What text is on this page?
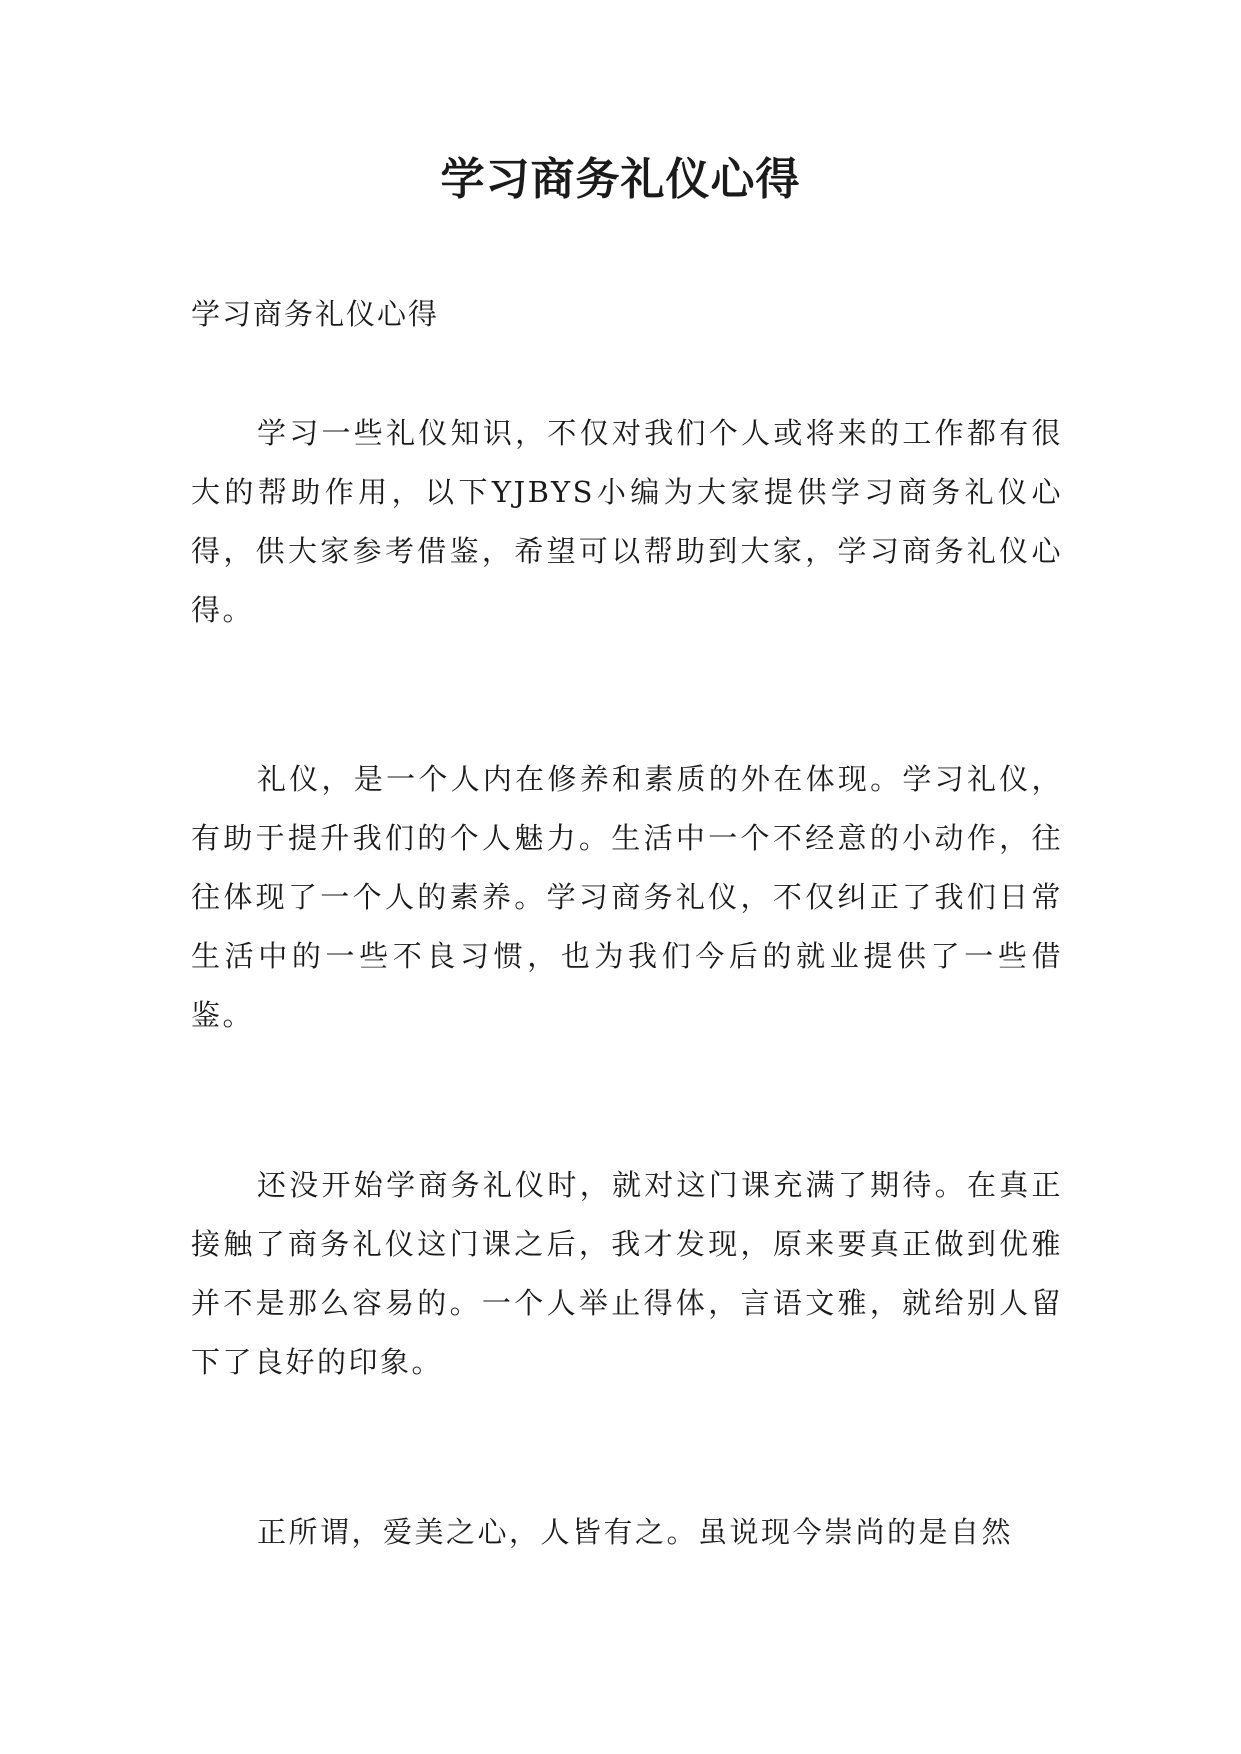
学习商务礼仪心得

学习商务礼仪心得

学习一些礼仪知识，不仅对我们个人或将来的工作都有很大的帮助作用，以下YJBYS小编为大家提供学习商务礼仪心得，供大家参考借鉴，希望可以帮助到大家，学习商务礼仪心得。

礼仪，是一个人内在修养和素质的外在体现。学习礼仪，有助于提升我们的个人魅力。生活中一个不经意的小动作，往往体现了一个人的素养。学习商务礼仪，不仅纠正了我们日常生活中的一些不良习惯，也为我们今后的就业提供了一些借鉴。

还没开始学商务礼仪时，就对这门课充满了期待。在真正接触了商务礼仪这门课之后，我才发现，原来要真正做到优雅并不是那么容易的。一个人举止得体，言语文雅，就给别人留下了良好的印象。

正所谓，爱美之心，人皆有之。虽说现今崇尚的是自然
